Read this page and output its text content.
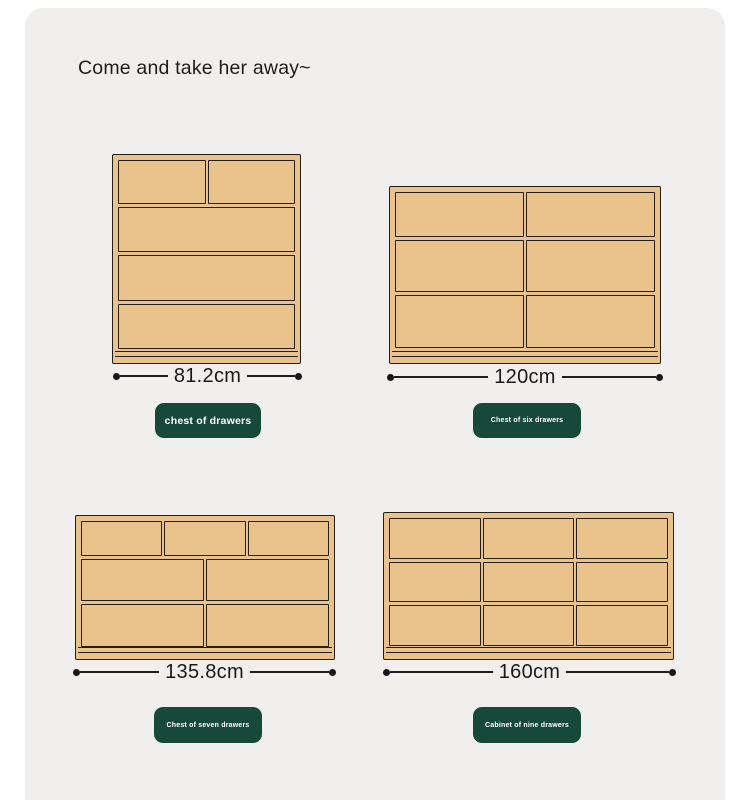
Come and take her away~
81.2cm
chest of drawers
120cm
Chest of six drawers
135.8cm
Chest of seven drawers
160cm
Cabinet of nine drawers
